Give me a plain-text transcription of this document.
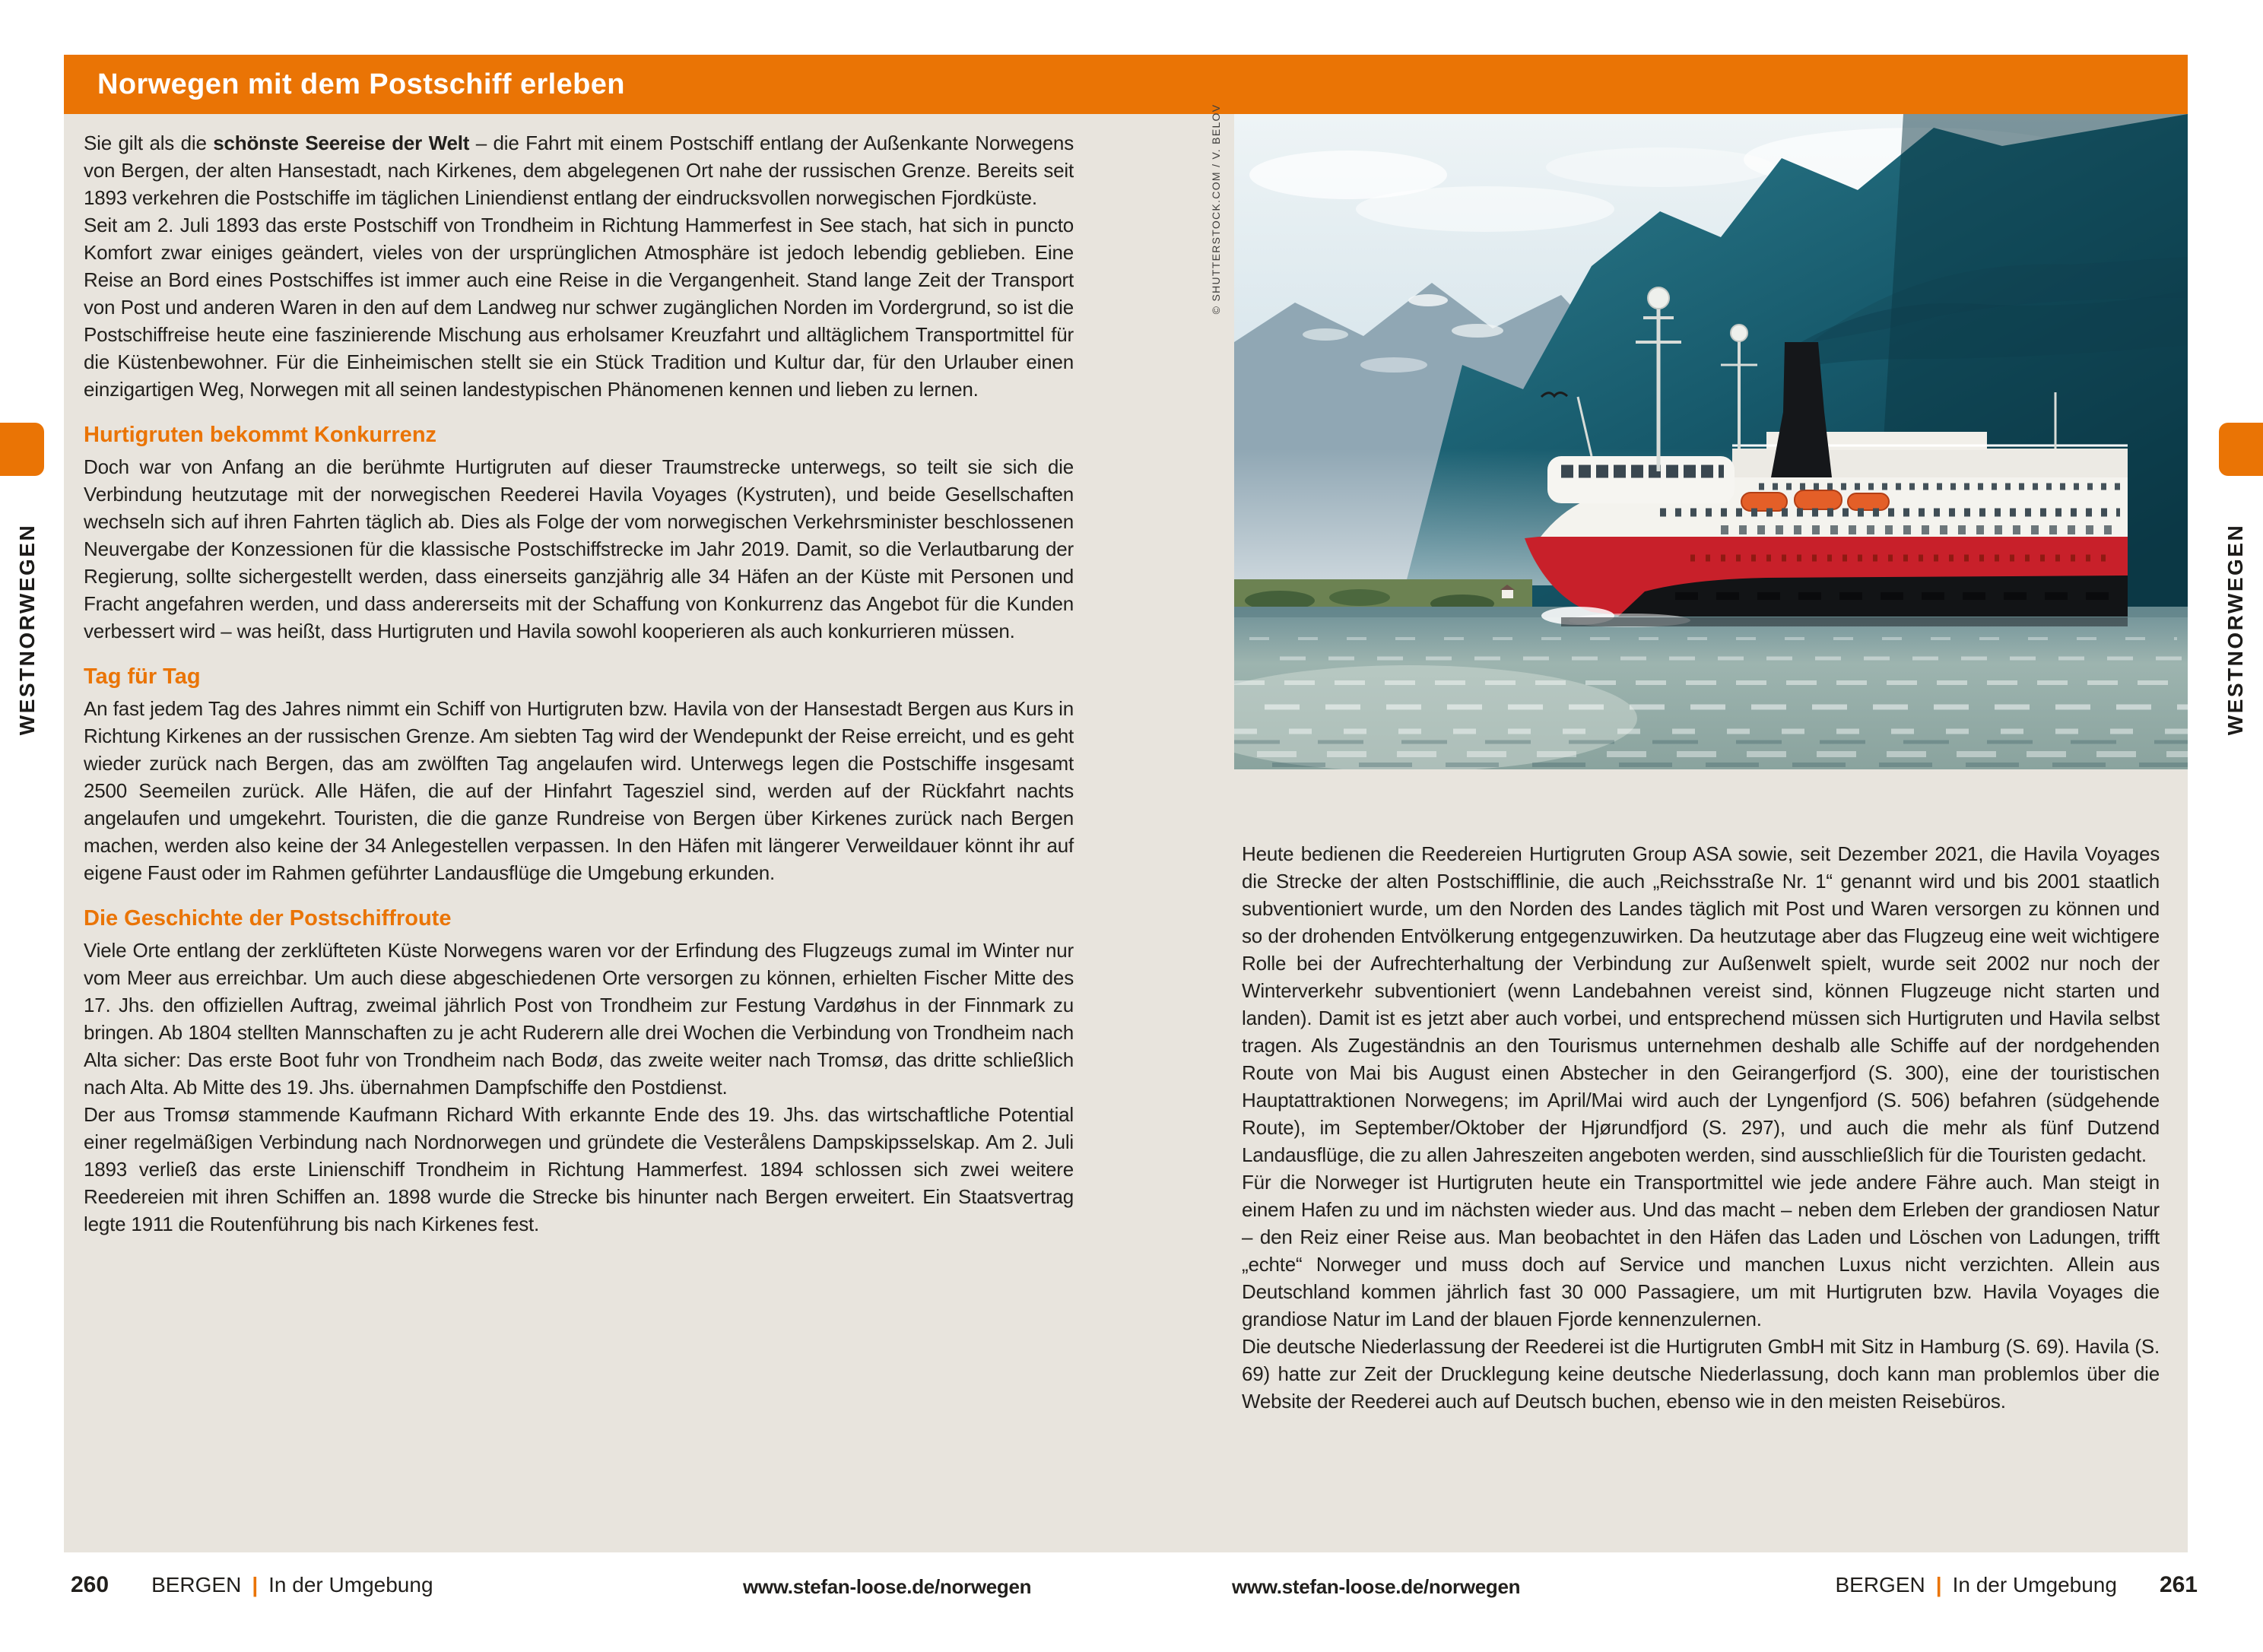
Norwegen mit dem Postschiff erleben

Sie gilt als die schönste Seereise der Welt – die Fahrt mit einem Postschiff entlang der Außenkante Norwegens von Bergen, der alten Hansestadt, nach Kirkenes, dem abgelegenen Ort nahe der russischen Grenze. Bereits seit 1893 verkehren die Postschiffe im täglichen Liniendienst entlang der eindrucksvollen norwegischen Fjordküste.

Seit am 2. Juli 1893 das erste Postschiff von Trondheim in Richtung Hammerfest in See stach, hat sich in puncto Komfort zwar einiges geändert, vieles von der ursprünglichen Atmosphäre ist jedoch lebendig geblieben. Eine Reise an Bord eines Postschiffes ist immer auch eine Reise in die Vergangenheit. Stand lange Zeit der Transport von Post und anderen Waren in den auf dem Landweg nur schwer zugänglichen Norden im Vordergrund, so ist die Postschiffreise heute eine faszinierende Mischung aus erholsamer Kreuzfahrt und alltäglichem Transportmittel für die Küstenbewohner. Für die Einheimischen stellt sie ein Stück Tradition und Kultur dar, für den Urlauber einen einzigartigen Weg, Norwegen mit all seinen landestypischen Phänomenen kennen und lieben zu lernen.

Hurtigruten bekommt Konkurrenz

Doch war von Anfang an die berühmte Hurtigruten auf dieser Traumstrecke unterwegs, so teilt sie sich die Verbindung heutzutage mit der norwegischen Reederei Havila Voyages (Kystruten), und beide Gesellschaften wechseln sich auf ihren Fahrten täglich ab. Dies als Folge der vom norwegischen Verkehrsminister beschlossenen Neuvergabe der Konzessionen für die klassische Postschiffstrecke im Jahr 2019. Damit, so die Verlautbarung der Regierung, sollte sichergestellt werden, dass einerseits ganzjährig alle 34 Häfen an der Küste mit Personen und Fracht angefahren werden, und dass andererseits mit der Schaffung von Konkurrenz das Angebot für die Kunden verbessert wird – was heißt, dass Hurtigruten und Havila sowohl kooperieren als auch konkurrieren müssen.

Tag für Tag

An fast jedem Tag des Jahres nimmt ein Schiff von Hurtigruten bzw. Havila von der Hansestadt Bergen aus Kurs in Richtung Kirkenes an der russischen Grenze. Am siebten Tag wird der Wendepunkt der Reise erreicht, und es geht wieder zurück nach Bergen, das am zwölften Tag angelaufen wird. Unterwegs legen die Postschiffe insgesamt 2500 Seemeilen zurück. Alle Häfen, die auf der Hinfahrt Tagesziel sind, werden auf der Rückfahrt nachts angelaufen und umgekehrt. Touristen, die die ganze Rundreise von Bergen über Kirkenes zurück nach Bergen machen, werden also keine der 34 Anlegestellen verpassen. In den Häfen mit längerer Verweildauer könnt ihr auf eigene Faust oder im Rahmen geführter Landausflüge die Umgebung erkunden.

Die Geschichte der Postschiffroute

Viele Orte entlang der zerklüfteten Küste Norwegens waren vor der Erfindung des Flugzeugs zumal im Winter nur vom Meer aus erreichbar. Um auch diese abgeschiedenen Orte versorgen zu können, erhielten Fischer Mitte des 17. Jhs. den offiziellen Auftrag, zweimal jährlich Post von Trondheim zur Festung Vardøhus in der Finnmark zu bringen. Ab 1804 stellten Mannschaften zu je acht Ruderern alle drei Wochen die Verbindung von Trondheim nach Alta sicher: Das erste Boot fuhr von Trondheim nach Bodø, das zweite weiter nach Tromsø, das dritte schließlich nach Alta. Ab Mitte des 19. Jhs. übernahmen Dampfschiffe den Postdienst.

Der aus Tromsø stammende Kaufmann Richard With erkannte Ende des 19. Jhs. das wirtschaftliche Potential einer regelmäßigen Verbindung nach Nordnorwegen und gründete die Vesterålens Dampskipsselskap. Am 2. Juli 1893 verließ das erste Linienschiff Trondheim in Richtung Hammerfest. 1894 schlossen sich zwei weitere Reedereien mit ihren Schiffen an. 1898 wurde die Strecke bis hinunter nach Bergen erweitert. Ein Staatsvertrag legte 1911 die Routenführung bis nach Kirkenes fest.

© SHUTTERSTOCK.COM / V. BELOV

Heute bedienen die Reedereien Hurtigruten Group ASA sowie, seit Dezember 2021, die Havila Voyages die Strecke der alten Postschifflinie, die auch „Reichsstraße Nr. 1“ genannt wird und bis 2001 staatlich subventioniert wurde, um den Norden des Landes täglich mit Post und Waren versorgen zu können und so der drohenden Entvölkerung entgegenzuwirken. Da heutzutage aber das Flugzeug eine weit wichtigere Rolle bei der Aufrechterhaltung der Verbindung zur Außenwelt spielt, wurde seit 2002 nur noch der Winterverkehr subventioniert (wenn Landebahnen vereist sind, können Flugzeuge nicht starten und landen). Damit ist es jetzt aber auch vorbei, und entsprechend müssen sich Hurtigruten und Havila selbst tragen. Als Zugeständnis an den Tourismus unternehmen deshalb alle Schiffe auf der nordgehenden Route von Mai bis August einen Abstecher in den Geirangerfjord (S. 300), eine der touristischen Hauptattraktionen Norwegens; im April/Mai wird auch der Lyngenfjord (S. 506) befahren (südgehende Route), im September/Oktober der Hjørundfjord (S. 297), und auch die mehr als fünf Dutzend Landausflüge, die zu allen Jahreszeiten angeboten werden, sind ausschließlich für die Touristen gedacht.

Für die Norweger ist Hurtigruten heute ein Transportmittel wie jede andere Fähre auch. Man steigt in einem Hafen zu und im nächsten wieder aus. Und das macht – neben dem Erleben der grandiosen Natur – den Reiz einer Reise aus. Man beobachtet in den Häfen das Laden und Löschen von Ladungen, trifft „echte“ Norweger und muss doch auf Service und manchen Luxus nicht verzichten. Allein aus Deutschland kommen jährlich fast 30 000 Passagiere, um mit Hurtigruten bzw. Havila Voyages die grandiose Natur im Land der blauen Fjorde kennenzulernen.

Die deutsche Niederlassung der Reederei ist die Hurtigruten GmbH mit Sitz in Hamburg (S. 69). Havila (S. 69) hatte zur Zeit der Drucklegung keine deutsche Niederlassung, doch kann man problemlos über die Website der Reederei auch auf Deutsch buchen, ebenso wie in den meisten Reisebüros.

WESTNORWEGEN	WESTNORWEGEN
260 BERGEN | In der Umgebung	www.stefan-loose.de/norwegen	www.stefan-loose.de/norwegen	BERGEN | In der Umgebung 261
